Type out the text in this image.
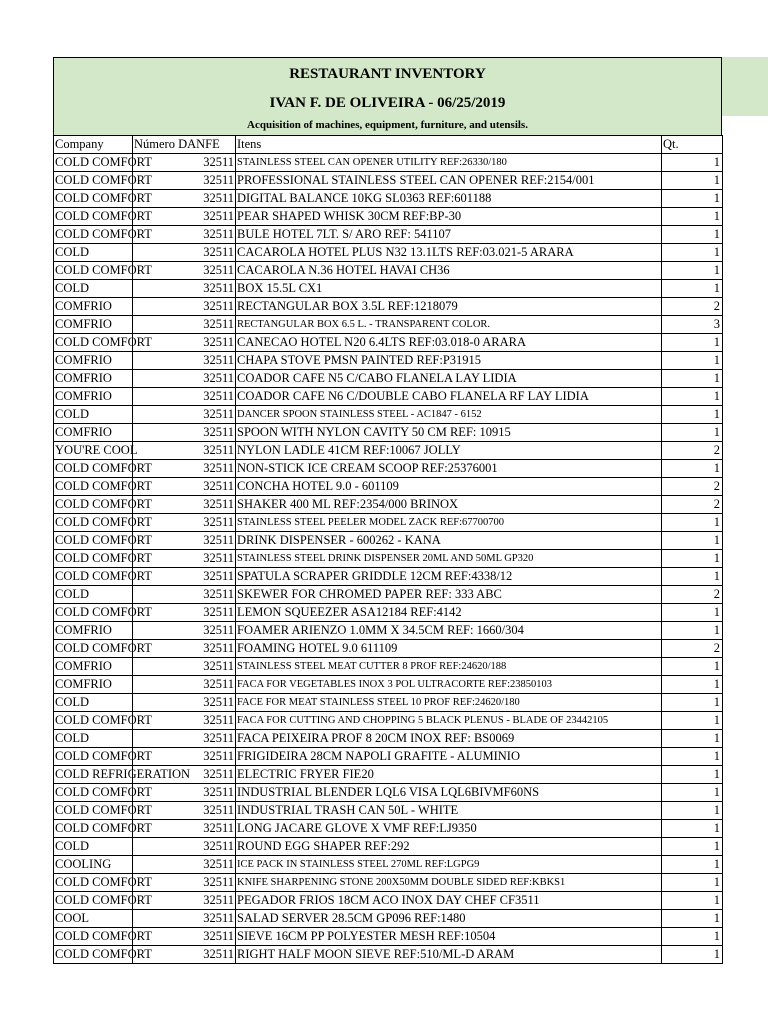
RESTAURANT INVENTORY
IVAN F. DE OLIVEIRA - 06/25/2019
Acquisition of machines, equipment, furniture, and utensils.
Company	Número DANFE	Itens	Qt.
COLD COMFORT	32511	STAINLESS STEEL CAN OPENER UTILITY REF:26330/180	1
COLD COMFORT	32511	PROFESSIONAL STAINLESS STEEL CAN OPENER REF:2154/001	1
COLD COMFORT	32511	DIGITAL BALANCE 10KG SL0363 REF:601188	1
COLD COMFORT	32511	PEAR SHAPED WHISK 30CM REF:BP-30	1
COLD COMFORT	32511	BULE HOTEL 7LT. S/ ARO REF: 541107	1
COLD	32511	CACAROLA HOTEL PLUS N32 13.1LTS REF:03.021-5 ARARA	1
COLD COMFORT	32511	CACAROLA N.36 HOTEL HAVAI CH36	1
COLD	32511	BOX 15.5L CX1	1
COMFRIO	32511	RECTANGULAR BOX 3.5L REF:1218079	2
COMFRIO	32511	RECTANGULAR BOX 6.5 L. - TRANSPARENT COLOR.	3
COLD COMFORT	32511	CANECAO HOTEL N20 6.4LTS REF:03.018-0 ARARA	1
COMFRIO	32511	CHAPA STOVE PMSN PAINTED REF:P31915	1
COMFRIO	32511	COADOR CAFE N5 C/CABO FLANELA LAY LIDIA	1
COMFRIO	32511	COADOR CAFE N6 C/DOUBLE CABO FLANELA RF LAY LIDIA	1
COLD	32511	DANCER SPOON STAINLESS STEEL - AC1847 - 6152	1
COMFRIO	32511	SPOON WITH NYLON CAVITY 50 CM REF: 10915	1
YOU'RE COOL	32511	NYLON LADLE 41CM REF:10067 JOLLY	2
COLD COMFORT	32511	NON-STICK ICE CREAM SCOOP REF:25376001	1
COLD COMFORT	32511	CONCHA HOTEL 9.0 - 601109	2
COLD COMFORT	32511	SHAKER 400 ML REF:2354/000 BRINOX	2
COLD COMFORT	32511	STAINLESS STEEL PEELER MODEL ZACK REF:67700700	1
COLD COMFORT	32511	DRINK DISPENSER - 600262 - KANA	1
COLD COMFORT	32511	STAINLESS STEEL DRINK DISPENSER 20ML AND 50ML GP320	1
COLD COMFORT	32511	SPATULA SCRAPER GRIDDLE 12CM REF:4338/12	1
COLD	32511	SKEWER FOR CHROMED PAPER REF: 333 ABC	2
COLD COMFORT	32511	LEMON SQUEEZER ASA12184 REF:4142	1
COMFRIO	32511	FOAMER ARIENZO 1.0MM X 34.5CM REF: 1660/304	1
COLD COMFORT	32511	FOAMING HOTEL 9.0 611109	2
COMFRIO	32511	STAINLESS STEEL MEAT CUTTER 8 PROF REF:24620/188	1
COMFRIO	32511	FACA FOR VEGETABLES INOX 3 POL ULTRACORTE REF:23850103	1
COLD	32511	FACE FOR MEAT STAINLESS STEEL 10 PROF REF:24620/180	1
COLD COMFORT	32511	FACA FOR CUTTING AND CHOPPING 5 BLACK PLENUS - BLADE OF 23442105	1
COLD	32511	FACA PEIXEIRA PROF 8 20CM INOX REF: BS0069	1
COLD COMFORT	32511	FRIGIDEIRA 28CM NAPOLI GRAFITE - ALUMINIO	1
COLD REFRIGERATION	32511	ELECTRIC FRYER FIE20	1
COLD COMFORT	32511	INDUSTRIAL BLENDER LQL6 VISA LQL6BIVMF60NS	1
COLD COMFORT	32511	INDUSTRIAL TRASH CAN 50L - WHITE	1
COLD COMFORT	32511	LONG JACARE GLOVE X VMF REF:LJ9350	1
COLD	32511	ROUND EGG SHAPER REF:292	1
COOLING	32511	ICE PACK IN STAINLESS STEEL 270ML REF:LGPG9	1
COLD COMFORT	32511	KNIFE SHARPENING STONE 200X50MM DOUBLE SIDED REF:KBKS1	1
COLD COMFORT	32511	PEGADOR FRIOS 18CM ACO INOX DAY CHEF CF3511	1
COOL	32511	SALAD SERVER 28.5CM GP096 REF:1480	1
COLD COMFORT	32511	SIEVE 16CM PP POLYESTER MESH REF:10504	1
COLD COMFORT	32511	RIGHT HALF MOON SIEVE REF:510/ML-D ARAM	1
